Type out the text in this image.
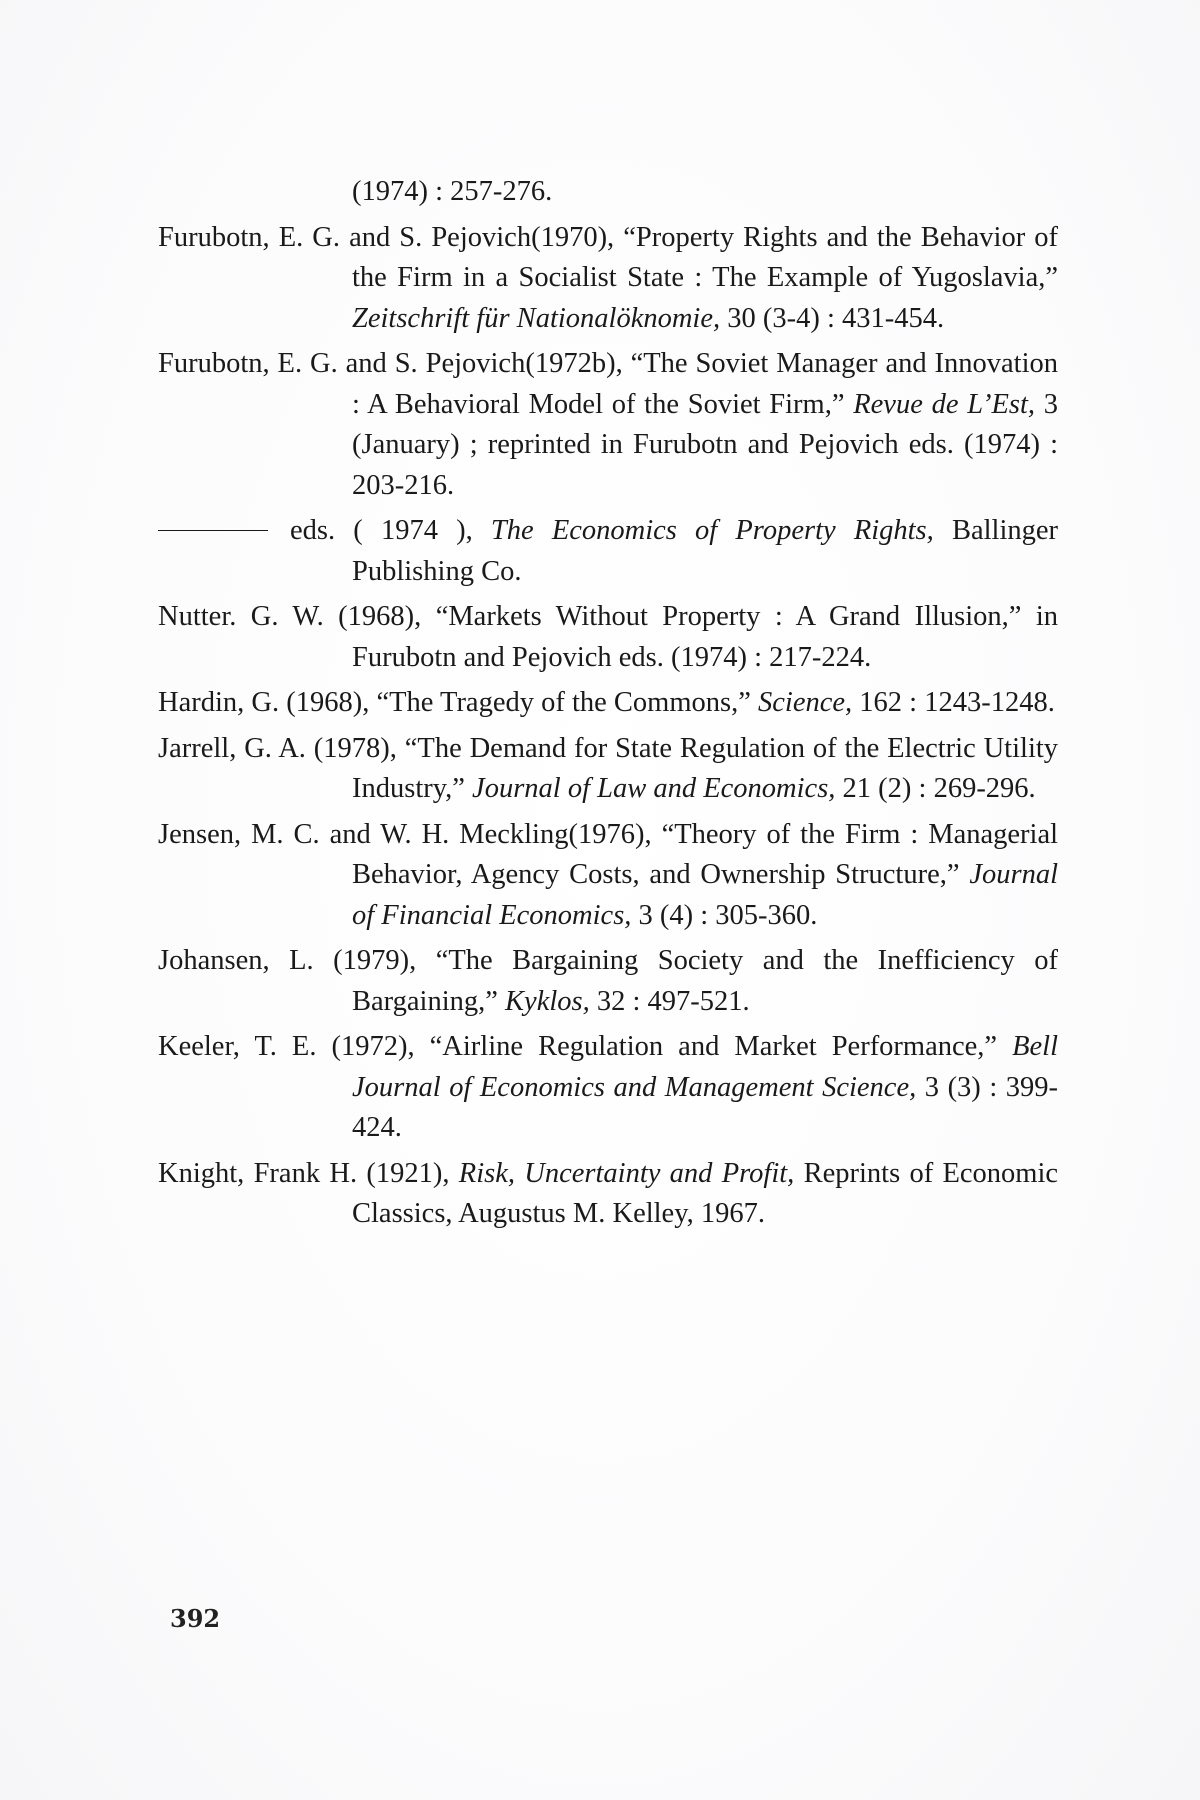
(1974) : 257-276.
Furubotn, E. G. and S. Pejovich(1970), “Property Rights and the Behavior of the Firm in a Socialist State : The Example of Yugoslavia,” Zeitschrift für Nationalöknomie, 30 (3-4) : 431-454.
Furubotn, E. G. and S. Pejovich(1972b), “The Soviet Manager and Innovation : A Behavioral Model of the Soviet Firm,” Revue de L’Est, 3 (January) ; reprinted in Furubotn and Pejovich eds. (1974) : 203-216.
eds. ( 1974 ), The Economics of Property Rights, Ballinger Publishing Co.
Nutter. G. W. (1968), “Markets Without Property : A Grand Illusion,” in Furubotn and Pejovich eds. (1974) : 217-224.
Hardin, G. (1968), “The Tragedy of the Commons,” Science, 162 : 1243-1248.
Jarrell, G. A. (1978), “The Demand for State Regulation of the Electric Utility Industry,” Journal of Law and Economics, 21 (2) : 269-296.
Jensen, M. C. and W. H. Meckling(1976), “Theory of the Firm : Managerial Behavior, Agency Costs, and Ownership Structure,” Journal of Financial Economics, 3 (4) : 305-360.
Johansen, L. (1979), “The Bargaining Society and the Inefficiency of Bargaining,” Kyklos, 32 : 497-521.
Keeler, T. E. (1972), “Airline Regulation and Market Performance,” Bell Journal of Economics and Management Science, 3 (3) : 399-424.
Knight, Frank H. (1921), Risk, Uncertainty and Profit, Reprints of Economic Classics, Augustus M. Kelley, 1967.
392
